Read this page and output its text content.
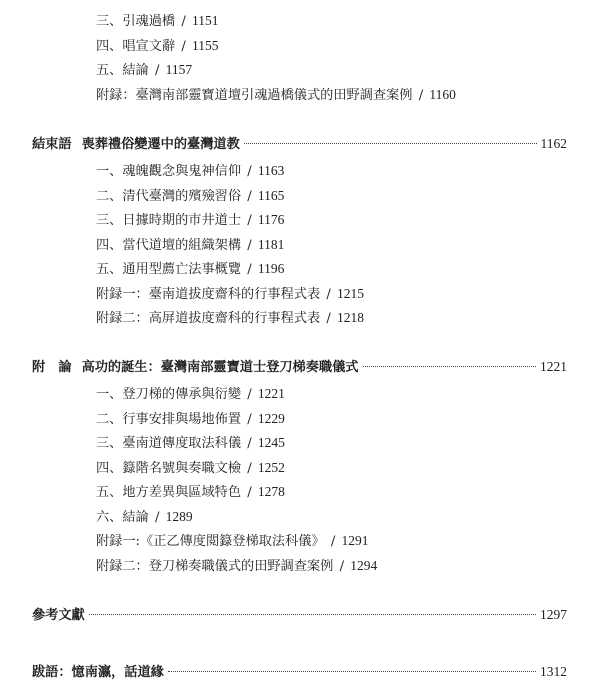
三、引魂過橋 / 1151
四、唱宣文辭 / 1155
五、結論 / 1157
附録：臺灣南部靈寶道壇引魂過橋儀式的田野調查案例 / 1160
結束語 喪葬禮俗變遷中的臺灣道教	1162
一、魂魄觀念與鬼神信仰 / 1163
二、清代臺灣的殯殮習俗 / 1165
三、日據時期的市井道士 / 1176
四、當代道壇的組織架構 / 1181
五、通用型薦亡法事概覽 / 1196
附録一：臺南道拔度齋科的行事程式表 / 1215
附録二：高屏道拔度齋科的行事程式表 / 1218
附　論 高功的誕生：臺灣南部靈寶道士登刀梯奏職儀式	1221
一、登刀梯的傳承與衍變 / 1221
二、行事安排與場地佈置 / 1229
三、臺南道傳度取法科儀 / 1245
四、籙階名號與奏職文檢 / 1252
五、地方差異與區域特色 / 1278
六、結論 / 1289
附録一:《正乙傳度閲籙登梯取法科儀》 / 1291
附録二：登刀梯奏職儀式的田野調查案例 / 1294
參考文獻	1297
跋語：憶南瀛，話道緣	1312
